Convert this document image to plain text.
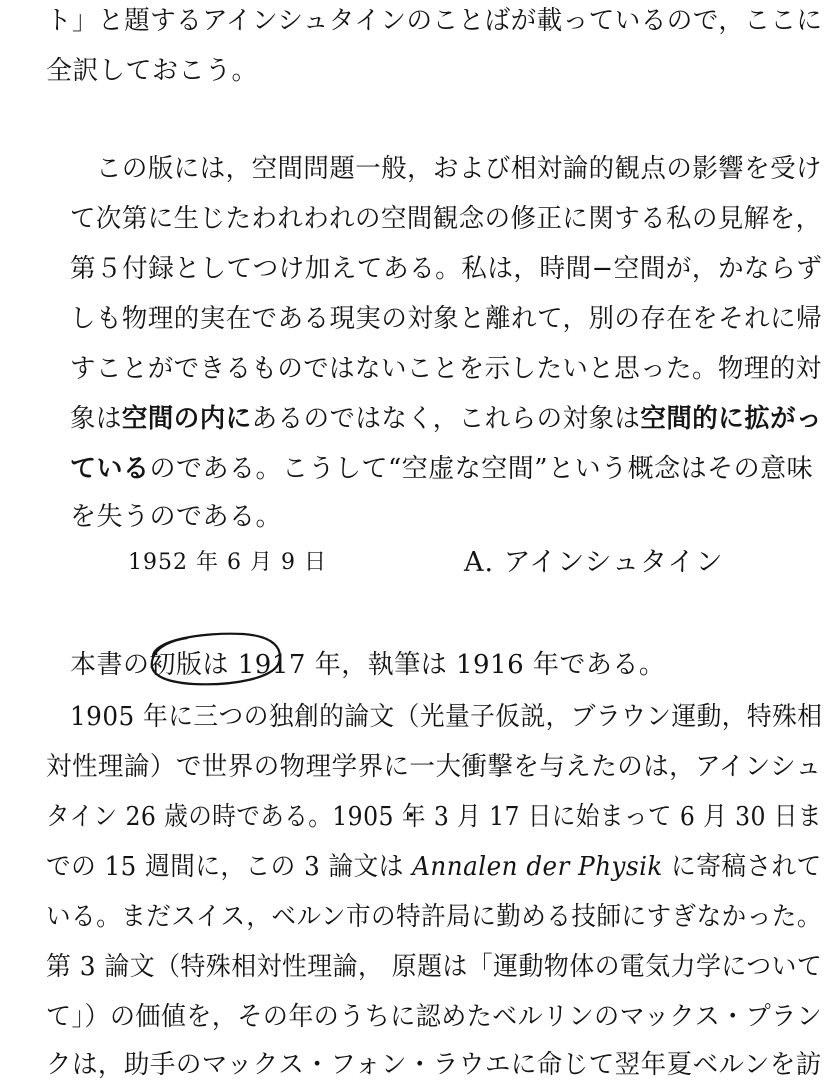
ト」と題するアインシュタインのことばが載っているので，ここに
全訳しておこう。
この版には，空間問題一般，および相対論的観点の影響を受け
て次第に生じたわれわれの空間観念の修正に関する私の見解を，
第５付録としてつけ加えてある。私は，時間−空間が，かならず
しも物理的実在である現実の対象と離れて，別の存在をそれに帰
すことができるものではないことを示したいと思った。物理的対
象は空間の内にあるのではなく，これらの対象は空間的に拡がっ
ているのである。こうして“空虚な空間”という概念はその意味
を失うのである。
1952 年 6 月 9 日	A. アインシュタイン
本書の初版は 1917 年，執筆は 1916 年である。
1905 年に三つの独創的論文（光量子仮説，ブラウン運動，特殊相
対性理論）で世界の物理学界に一大衝撃を与えたのは，アインシュ
タイン 26 歳の時である。1905 年 3 月 17 日に始まって 6 月 30 日ま
での 15 週間に，この 3 論文は Annalen der Physik に寄稿されて
いる。まだスイス，ベルン市の特許局に勤める技師にすぎなかった。
第 3 論文（特殊相対性理論， 原題は「運動物体の電気力学について
て」）の価値を，その年のうちに認めたベルリンのマックス・プラン
クは，助手のマックス・フォン・ラウエに命じて翌年夏ベルンを訪
